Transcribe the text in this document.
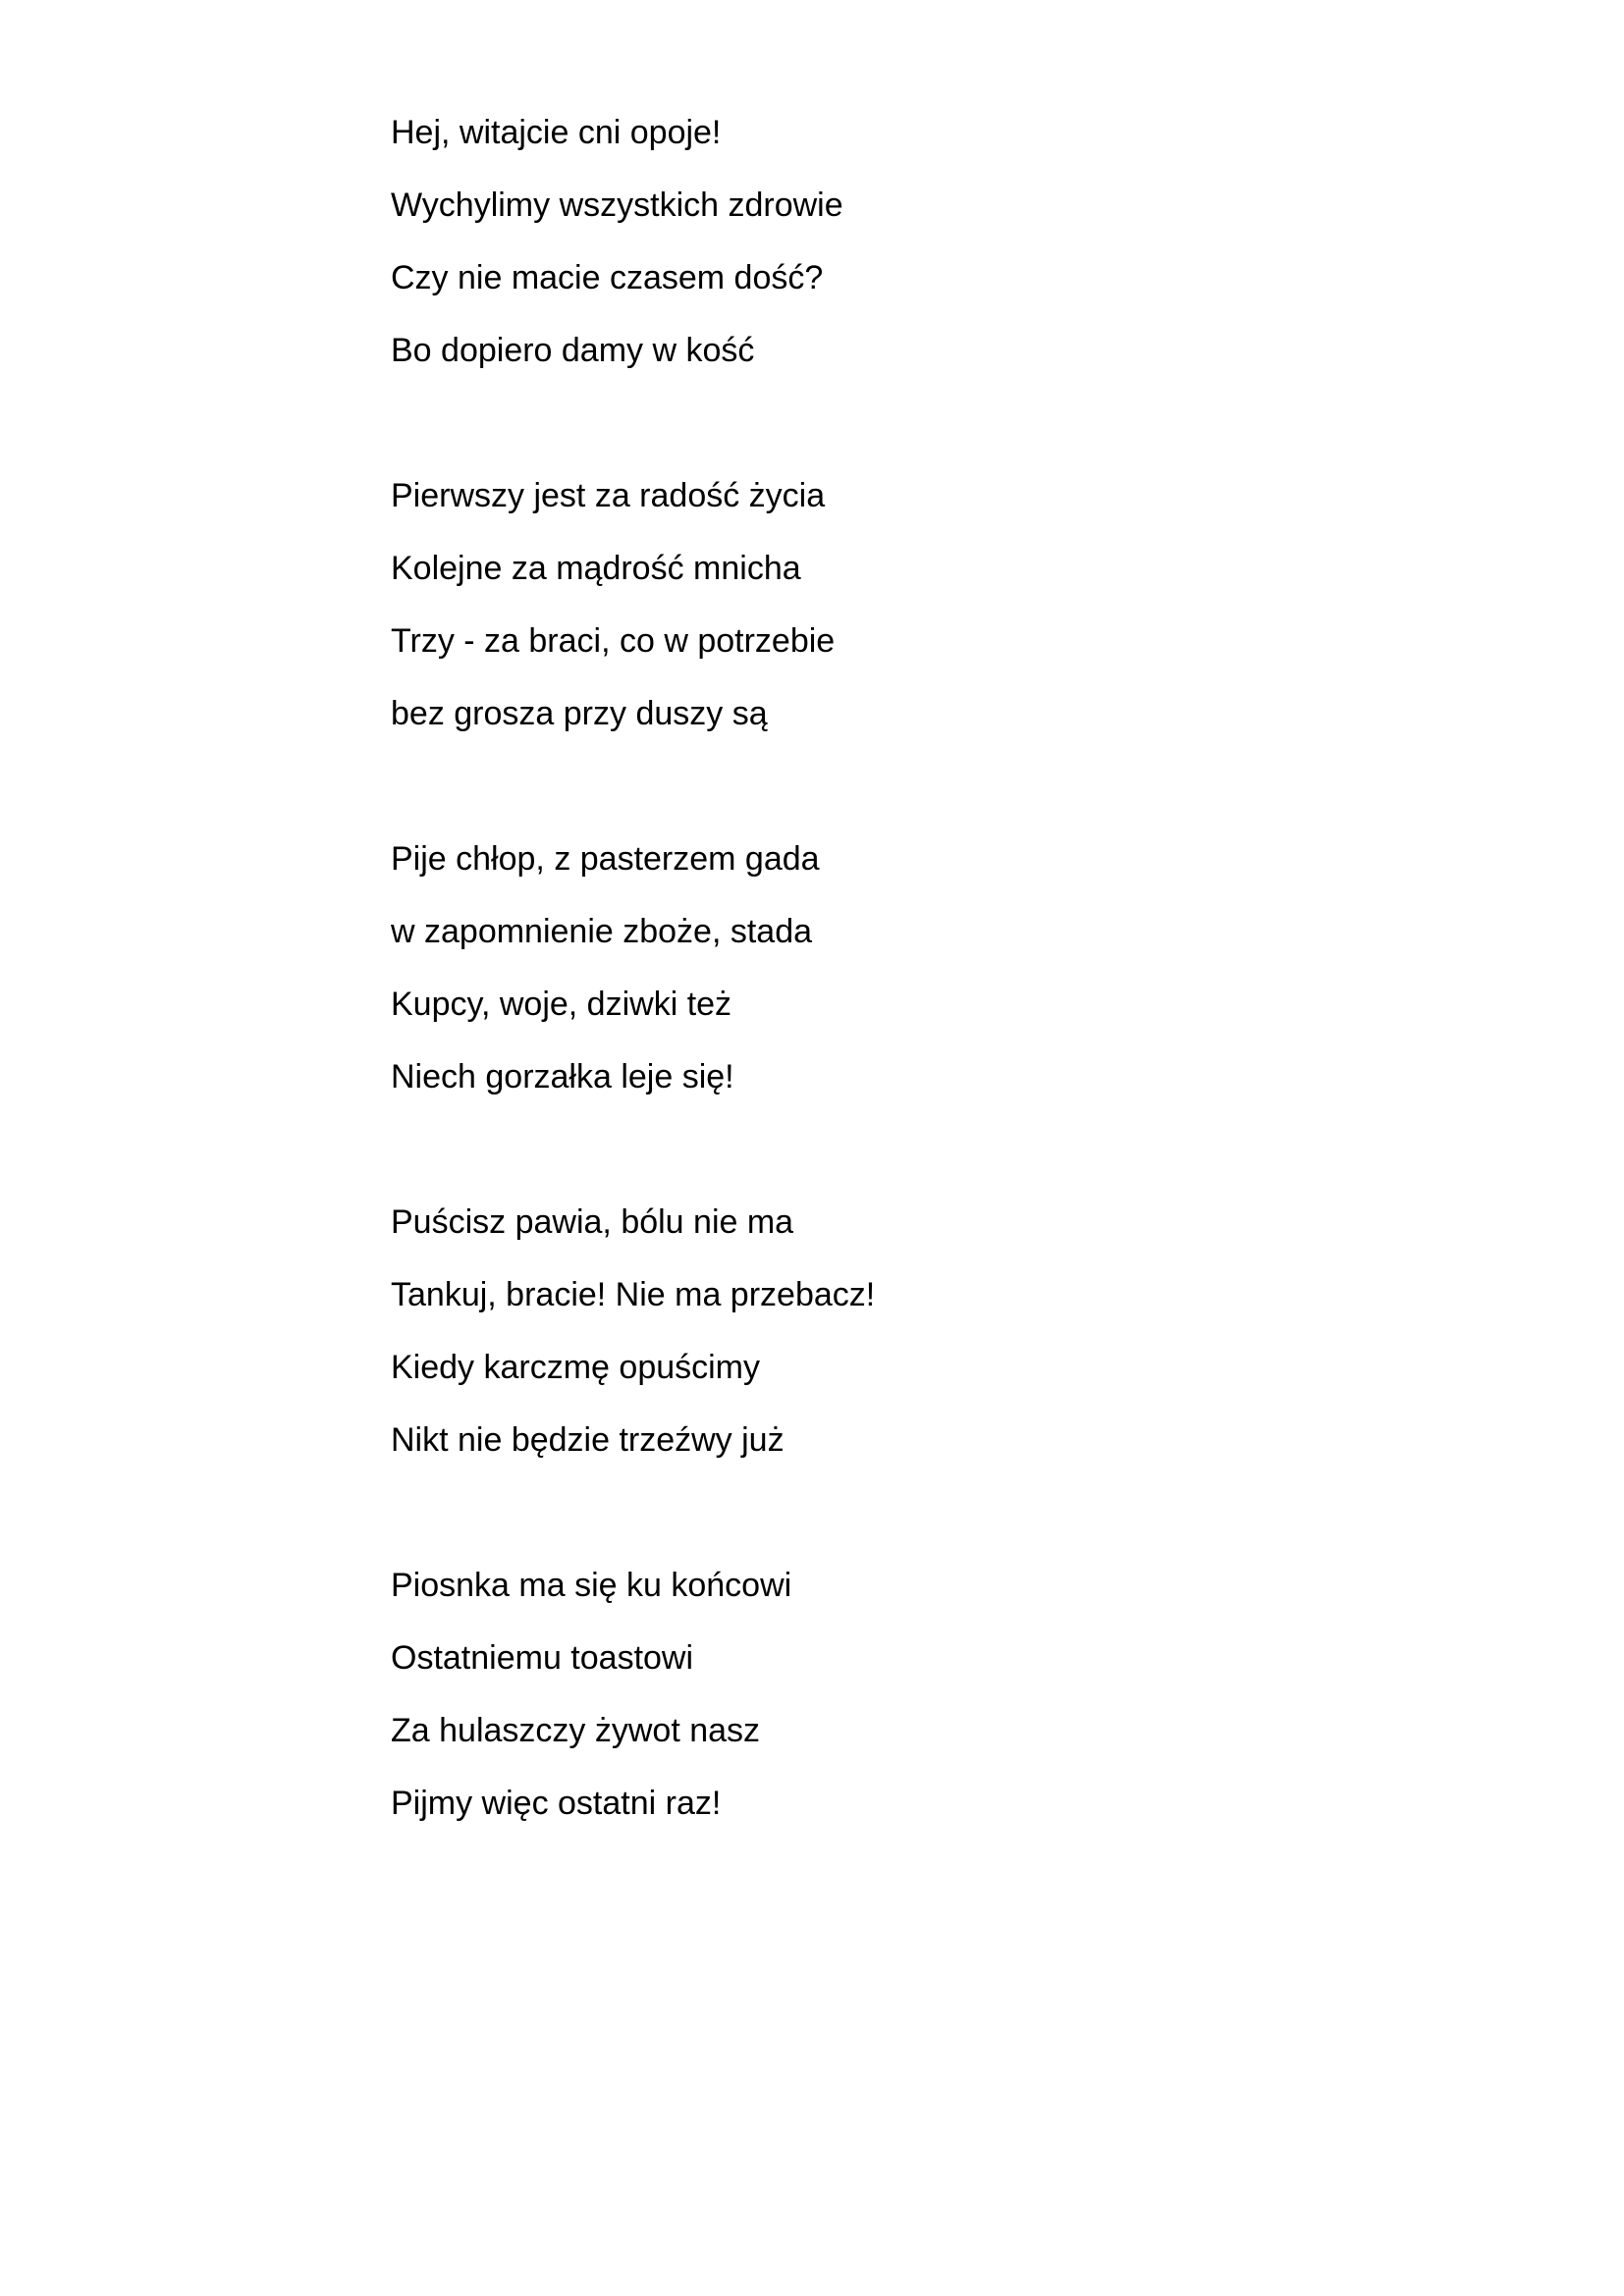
Hej, witajcie cni opoje!
Wychylimy wszystkich zdrowie
Czy nie macie czasem dość?
Bo dopiero damy w kość
Pierwszy jest za radość życia
Kolejne za mądrość mnicha
Trzy - za braci, co w potrzebie
bez grosza przy duszy są
Pije chłop, z pasterzem gada
w zapomnienie zboże, stada
Kupcy, woje, dziwki też
Niech gorzałka leje się!
Puścisz pawia, bólu nie ma
Tankuj, bracie! Nie ma przebacz!
Kiedy karczmę opuścimy
Nikt nie będzie trzeźwy już
Piosnka ma się ku końcowi
Ostatniemu toastowi
Za hulaszczy żywot nasz
Pijmy więc ostatni raz!
